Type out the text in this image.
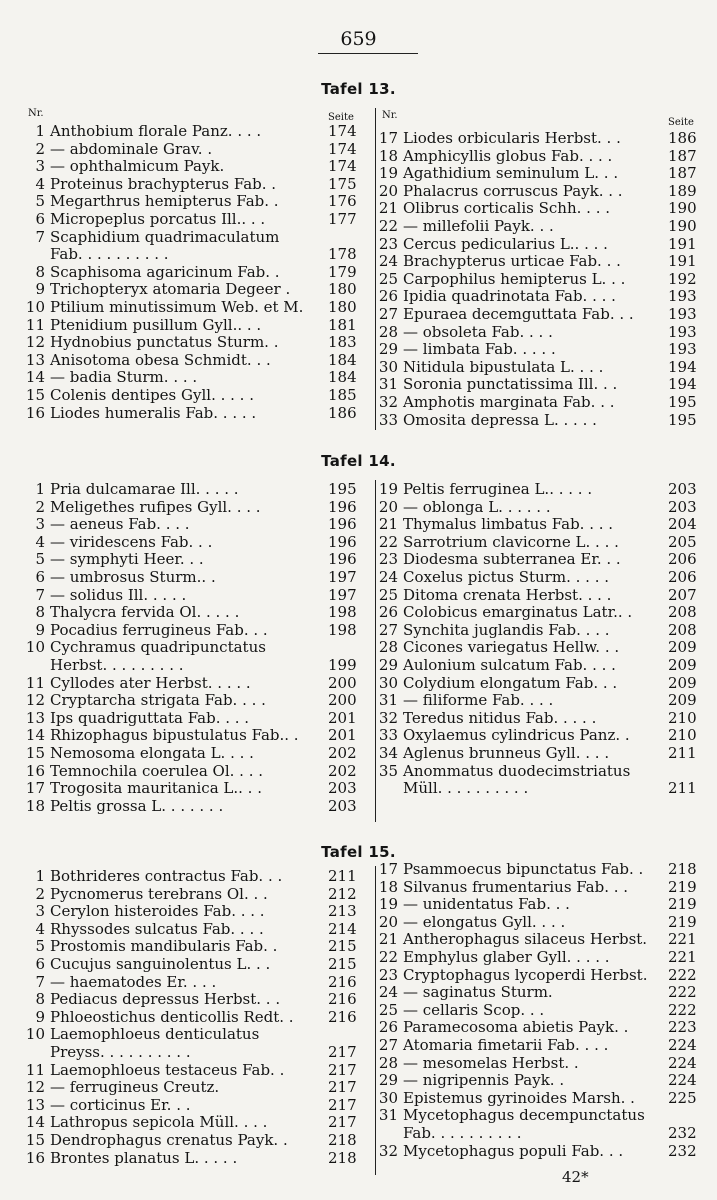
659
Tafel 13.
Nr.	Seite	Nr.
Seite
1 Anthobium florale Panz. . . .	174
2 — abdominale Grav. .	174
3 — ophthalmicum Payk.	174
4 Proteinus brachypterus Fab. .	175
5 Megarthrus hemipterus Fab. .	176
6 Micropeplus porcatus Ill.. . .	177
7 Scaphidium quadrimaculatum
Fab. . . . . . . . . .	178
8 Scaphisoma agaricinum Fab. .	179
9 Trichopteryx atomaria Degeer .	180
10 Ptilium minutissimum Web. et M.	180
11 Ptenidium pusillum Gyll.. . .	181
12 Hydnobius punctatus Sturm. .	183
13 Anisotoma obesa Schmidt. . .	184
14 — badia Sturm. . . .	184
15 Colenis dentipes Gyll. . . . .	185
16 Liodes humeralis Fab. . . . .	186
17 Liodes orbicularis Herbst. . .	186
18 Amphicyllis globus Fab. . . .	187
19 Agathidium seminulum L. . .	187
20 Phalacrus corruscus Payk. . .	189
21 Olibrus corticalis Schh. . . .	190
22 — millefolii Payk. . .	190
23 Cercus pedicularius L.. . . .	191
24 Brachypterus urticae Fab. . .	191
25 Carpophilus hemipterus L. . .	192
26 Ipidia quadrinotata Fab. . . .	193
27 Epuraea decemguttata Fab. . .	193
28 — obsoleta Fab. . . .	193
29 — limbata Fab. . . . .	193
30 Nitidula bipustulata L. . . .	194
31 Soronia punctatissima Ill. . .	194
32 Amphotis marginata Fab. . .	195
33 Omosita depressa L. . . . .	195
Tafel 14.
1 Pria dulcamarae Ill. . . . .	195
2 Meligethes rufipes Gyll. . . .	196
3 — aeneus Fab. . . .	196
4 — viridescens Fab. . .	196
5 — symphyti Heer. . .	196
6 — umbrosus Sturm.. .	197
7 — solidus Ill. . . . .	197
8 Thalycra fervida Ol. . . . .	198
9 Pocadius ferrugineus Fab. . .	198
10 Cychramus quadripunctatus
Herbst. . . . . . . . .	199
11 Cyllodes ater Herbst. . . . .	200
12 Cryptarcha strigata Fab. . . .	200
13 Ips quadriguttata Fab. . . .	201
14 Rhizophagus bipustulatus Fab.. .	201
15 Nemosoma elongata L. . . .	202
16 Temnochila coerulea Ol. . . .	202
17 Trogosita mauritanica L.. . .	203
18 Peltis grossa L. . . . . . .	203
19 Peltis ferruginea L.. . . . .	203
20 — oblonga L. . . . . .	203
21 Thymalus limbatus Fab. . . .	204
22 Sarrotrium clavicorne L. . . .	205
23 Diodesma subterranea Er. . .	206
24 Coxelus pictus Sturm. . . . .	206
25 Ditoma crenata Herbst. . . .	207
26 Colobicus emarginatus Latr.. .	208
27 Synchita juglandis Fab. . . .	208
28 Cicones variegatus Hellw. . .	209
29 Aulonium sulcatum Fab. . . .	209
30 Colydium elongatum Fab. . .	209
31 — filiforme Fab. . . .	209
32 Teredus nitidus Fab. . . . .	210
33 Oxylaemus cylindricus Panz. .	210
34 Aglenus brunneus Gyll. . . .	211
35 Anommatus duodecimstriatus
Müll. . . . . . . . . .	211
Tafel 15.
1 Bothrideres contractus Fab. . .	211
2 Pycnomerus terebrans Ol. . .	212
3 Cerylon histeroides Fab. . . .	213
4 Rhyssodes sulcatus Fab. . . .	214
5 Prostomis mandibularis Fab. .	215
6 Cucujus sanguinolentus L. . .	215
7 — haematodes Er. . . .	216
8 Pediacus depressus Herbst. . .	216
9 Phloeostichus denticollis Redt. .	216
10 Laemophloeus denticulatus
Preyss. . . . . . . . . .	217
11 Laemophloeus testaceus Fab. .	217
12 — ferrugineus Creutz.	217
13 — corticinus Er. . .	217
14 Lathropus sepicola Müll. . . .	217
15 Dendrophagus crenatus Payk. .	218
16 Brontes planatus L. . . . .	218
17 Psammoecus bipunctatus Fab. .	218
18 Silvanus frumentarius Fab. . .	219
19 — unidentatus Fab. . .	219
20 — elongatus Gyll. . . .	219
21 Antherophagus silaceus Herbst.	221
22 Emphylus glaber Gyll. . . . .	221
23 Cryptophagus lycoperdi Herbst.	222
24 — saginatus Sturm.	222
25 — cellaris Scop. . .	222
26 Paramecosoma abietis Payk. .	223
27 Atomaria fimetarii Fab. . . .	224
28 — mesomelas Herbst. .	224
29 — nigripennis Payk. .	224
30 Epistemus gyrinoides Marsh. .	225
31 Mycetophagus decempunctatus
Fab. . . . . . . . . .	232
32 Mycetophagus populi Fab. . .	232
42*
